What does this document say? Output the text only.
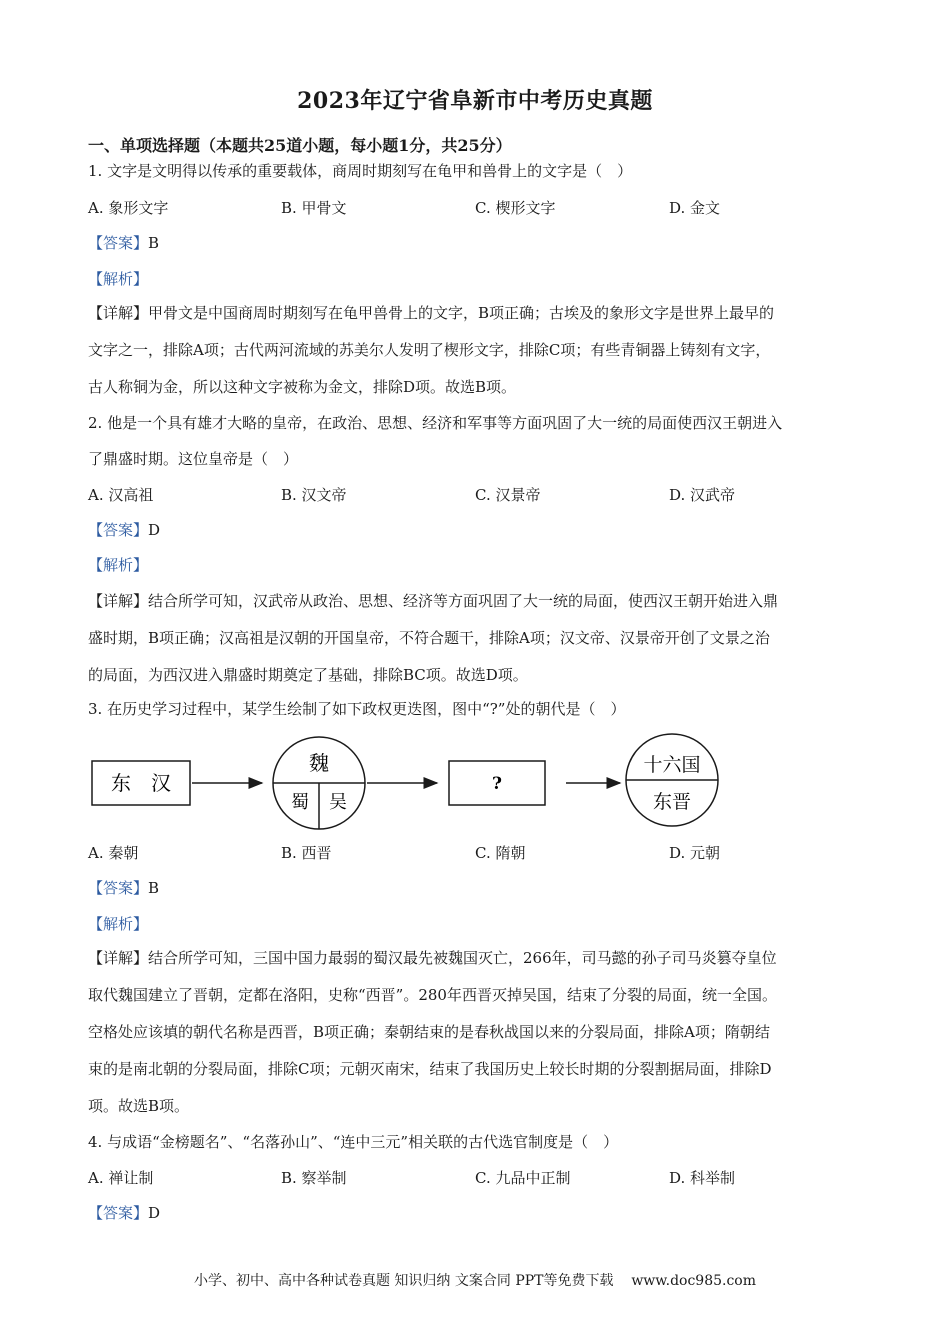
2023年辽宁省阜新市中考历史真题
一、单项选择题（本题共25道小题，每小题1分，共25分）
1. 文字是文明得以传承的重要载体，商周时期刻写在龟甲和兽骨上的文字是（　）
A. 象形文字	B. 甲骨文	C. 楔形文字	D. 金文
【答案】B
【解析】
【详解】甲骨文是中国商周时期刻写在龟甲兽骨上的文字，B项正确；古埃及的象形文字是世界上最早的
文字之一，排除A项；古代两河流域的苏美尔人发明了楔形文字，排除C项；有些青铜器上铸刻有文字，
古人称铜为金，所以这种文字被称为金文，排除D项。故选B项。
2. 他是一个具有雄才大略的皇帝，在政治、思想、经济和军事等方面巩固了大一统的局面使西汉王朝进入
了鼎盛时期。这位皇帝是（　）
A. 汉高祖	B. 汉文帝	C. 汉景帝	D. 汉武帝
【答案】D
【解析】
【详解】结合所学可知，汉武帝从政治、思想、经济等方面巩固了大一统的局面，使西汉王朝开始进入鼎
盛时期，B项正确；汉高祖是汉朝的开国皇帝，不符合题干，排除A项；汉文帝、汉景帝开创了文景之治
的局面，为西汉进入鼎盛时期奠定了基础，排除BC项。故选D项。
3. 在历史学习过程中，某学生绘制了如下政权更迭图，图中“?”处的朝代是（　）
东　汉
魏
蜀 吴
?
十六国
东晋
A. 秦朝	B. 西晋	C. 隋朝	D. 元朝
【答案】B
【解析】
【详解】结合所学可知，三国中国力最弱的蜀汉最先被魏国灭亡，266年，司马懿的孙子司马炎篡夺皇位
取代魏国建立了晋朝，定都在洛阳，史称“西晋”。280年西晋灭掉吴国，结束了分裂的局面，统一全国。
空格处应该填的朝代名称是西晋，B项正确；秦朝结束的是春秋战国以来的分裂局面，排除A项；隋朝结
束的是南北朝的分裂局面，排除C项；元朝灭南宋，结束了我国历史上较长时期的分裂割据局面，排除D
项。故选B项。
4. 与成语“金榜题名”、“名落孙山”、“连中三元”相关联的古代选官制度是（　）
A. 禅让制	B. 察举制	C. 九品中正制	D. 科举制
【答案】D
小学、初中、高中各种试卷真题 知识归纳 文案合同 PPT等免费下载 www.doc985.com
